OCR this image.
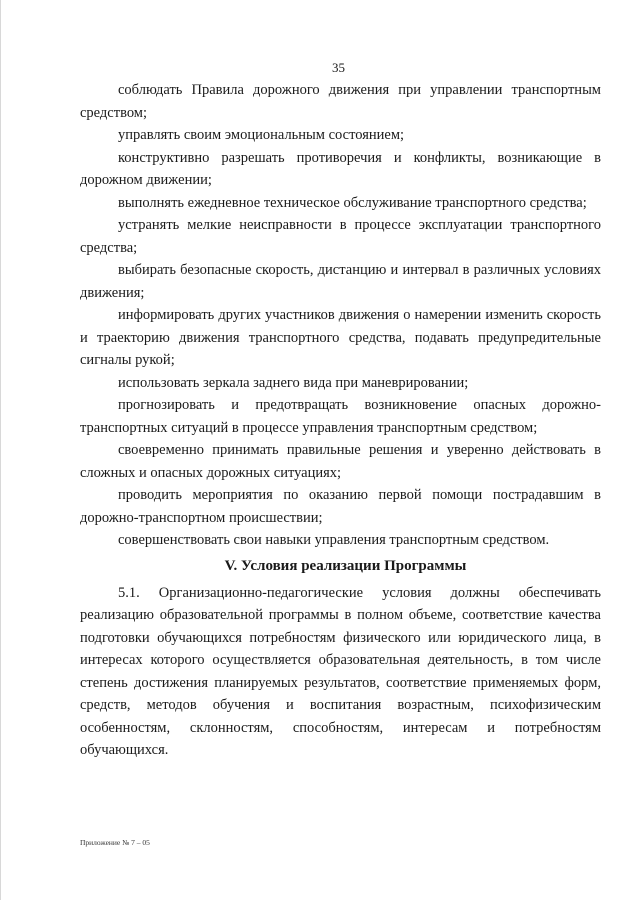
35

соблюдать Правила дорожного движения при управлении транспортным средством;

управлять своим эмоциональным состоянием;

конструктивно разрешать противоречия и конфликты, возникающие в дорожном движении;

выполнять ежедневное техническое обслуживание транспортного средства;

устранять мелкие неисправности в процессе эксплуатации транспортного средства;

выбирать безопасные скорость, дистанцию и интервал в различных условиях движения;

информировать других участников движения о намерении изменить скорость и траекторию движения транспортного средства, подавать предупредительные сигналы рукой;

использовать зеркала заднего вида при маневрировании;

прогнозировать и предотвращать возникновение опасных дорожно-транспортных ситуаций в процессе управления транспортным средством;

своевременно принимать правильные решения и уверенно действовать в сложных и опасных дорожных ситуациях;

проводить мероприятия по оказанию первой помощи пострадавшим в дорожно-транспортном происшествии;

совершенствовать свои навыки управления транспортным средством.

V. Условия реализации Программы

5.1. Организационно-педагогические условия должны обеспечивать реализацию образовательной программы в полном объеме, соответствие качества подготовки обучающихся потребностям физического или юридического лица, в интересах которого осуществляется образовательная деятельность, в том числе степень достижения планируемых результатов, соответствие применяемых форм, средств, методов обучения и воспитания возрастным, психофизическим особенностям, склонностям, способностям, интересам и потребностям обучающихся.

Приложение № 7 – 05
